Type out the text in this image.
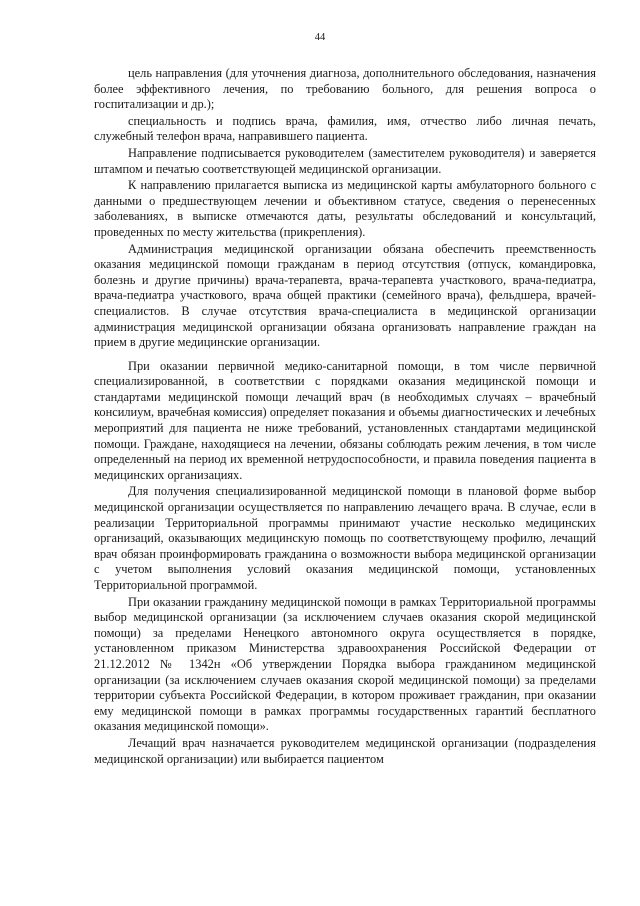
44

цель направления (для уточнения диагноза, дополнительного обследования, назначения более эффективного лечения, по требованию больного, для решения вопроса о госпитализации и др.);

специальность и подпись врача, фамилия, имя, отчество либо личная печать, служебный телефон врача, направившего пациента.

Направление подписывается руководителем (заместителем руководителя) и заверяется штампом и печатью соответствующей медицинской организации.

К направлению прилагается выписка из медицинской карты амбулаторного больного с данными о предшествующем лечении и объективном статусе, сведения о перенесенных заболеваниях, в выписке отмечаются даты, результаты обследований и консультаций, проведенных по месту жительства (прикрепления).

Администрация медицинской организации обязана обеспечить преемственность оказания медицинской помощи гражданам в период отсутствия (отпуск, командировка, болезнь и другие причины) врача-терапевта, врача-терапевта участкового, врача-педиатра, врача-педиатра участкового, врача общей практики (семейного врача), фельдшера, врачей-специалистов. В случае отсутствия врача-специалиста в медицинской организации администрация медицинской организации обязана организовать направление граждан на прием в другие медицинские организации.

При оказании первичной медико-санитарной помощи, в том числе первичной специализированной, в соответствии с порядками оказания медицинской помощи и стандартами медицинской помощи лечащий врач (в необходимых случаях – врачебный консилиум, врачебная комиссия) определяет показания и объемы диагностических и лечебных мероприятий для пациента не ниже требований, установленных стандартами медицинской помощи. Граждане, находящиеся на лечении, обязаны соблюдать режим лечения, в том числе определенный на период их временной нетрудоспособности, и правила поведения пациента в медицинских организациях.

Для получения специализированной медицинской помощи в плановой форме выбор медицинской организации осуществляется по направлению лечащего врача. В случае, если в реализации Территориальной программы принимают участие несколько медицинских организаций, оказывающих медицинскую помощь по соответствующему профилю, лечащий врач обязан проинформировать гражданина о возможности выбора медицинской организации с учетом выполнения условий оказания медицинской помощи, установленных Территориальной программой.

При оказании гражданину медицинской помощи в рамках Территориальной программы выбор медицинской организации (за исключением случаев оказания скорой медицинской помощи) за пределами Ненецкого автономного округа осуществляется в порядке, установленном приказом Министерства здравоохранения Российской Федерации от 21.12.2012 № 1342н «Об утверждении Порядка выбора гражданином медицинской организации (за исключением случаев оказания скорой медицинской помощи) за пределами территории субъекта Российской Федерации, в котором проживает гражданин, при оказании ему медицинской помощи в рамках программы государственных гарантий бесплатного оказания медицинской помощи».

Лечащий врач назначается руководителем медицинской организации (подразделения медицинской организации) или выбирается пациентом
